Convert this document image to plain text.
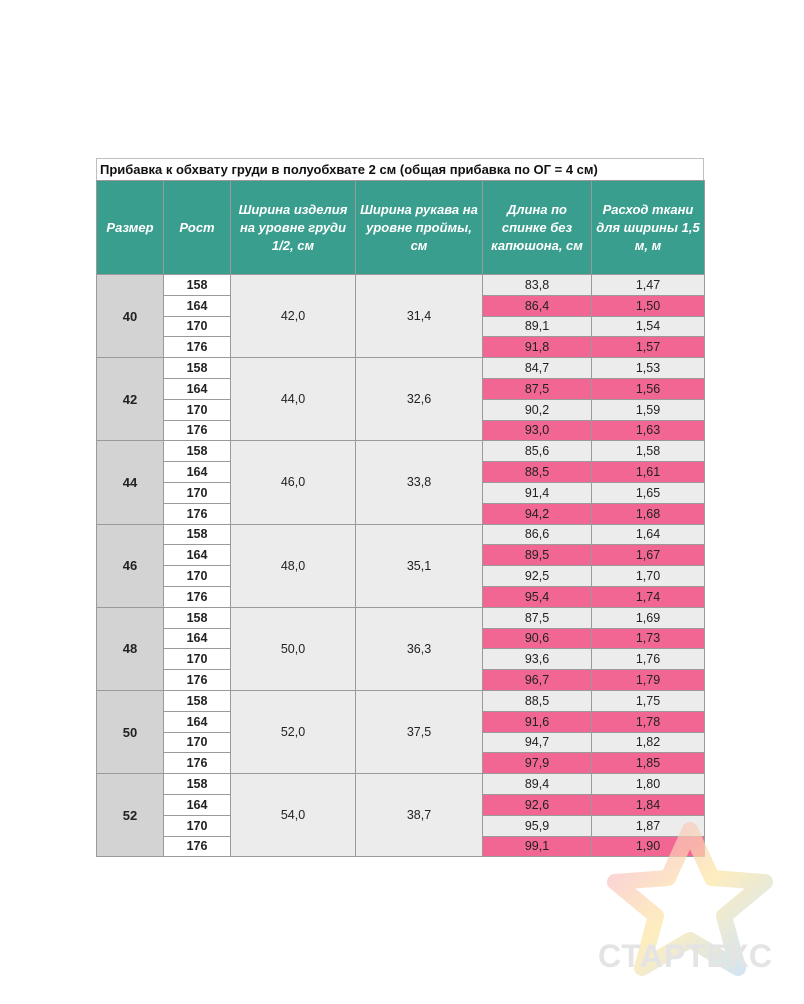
Прибавка к обхвату груди в полуобхвате 2 см (общая прибавка по ОГ = 4 см)
Размер	Рост	Ширина изделия на уровне груди 1/2, см	Ширина рукава на уровне проймы, см	Длина по спинке без капюшона, см	Расход ткани для ширины 1,5 м, м
40	158	42,0	31,4	83,8	1,47
	164			86,4	1,50
	170			89,1	1,54
	176			91,8	1,57
42	158	44,0	32,6	84,7	1,53
	164			87,5	1,56
	170			90,2	1,59
	176			93,0	1,63
44	158	46,0	33,8	85,6	1,58
	164			88,5	1,61
	170			91,4	1,65
	176			94,2	1,68
46	158	48,0	35,1	86,6	1,64
	164			89,5	1,67
	170			92,5	1,70
	176			95,4	1,74
48	158	50,0	36,3	87,5	1,69
	164			90,6	1,73
	170			93,6	1,76
	176			96,7	1,79
50	158	52,0	37,5	88,5	1,75
	164			91,6	1,78
	170			94,7	1,82
	176			97,9	1,85
52	158	54,0	38,7	89,4	1,80
	164			92,6	1,84
	170			95,9	1,87
	176			99,1	1,90
СТАРТЕКС
